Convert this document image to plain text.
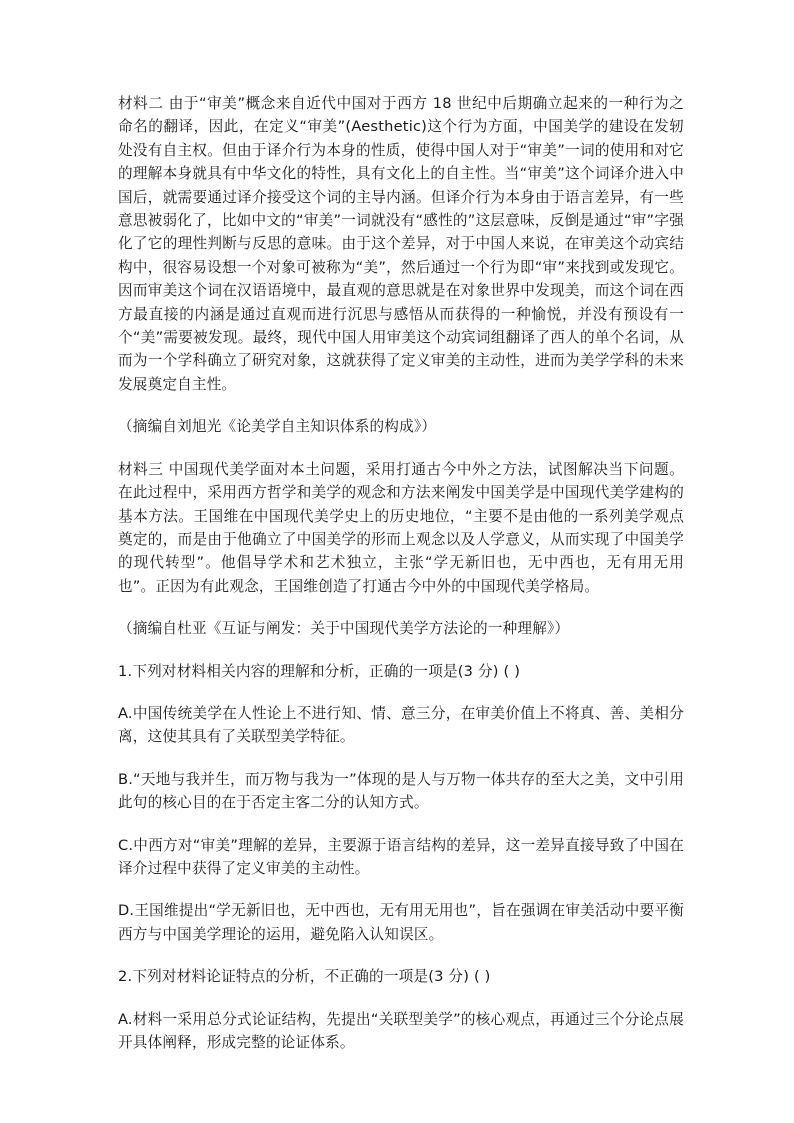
材料二 由于“审美”概念来自近代中国对于西方 18 世纪中后期确立起来的一种行为之命名的翻译，因此，在定义“审美”(Aesthetic)这个行为方面，中国美学的建设在发轫处没有自主权。但由于译介行为本身的性质，使得中国人对于“审美”一词的使用和对它的理解本身就具有中华文化的特性，具有文化上的自主性。当“审美”这个词译介进入中国后，就需要通过译介接受这个词的主导内涵。但译介行为本身由于语言差异，有一些意思被弱化了，比如中文的“审美”一词就没有“感性的”这层意味，反倒是通过“审”字强化了它的理性判断与反思的意味。由于这个差异，对于中国人来说，在审美这个动宾结构中，很容易设想一个对象可被称为“美”，然后通过一个行为即“审”来找到或发现它。因而审美这个词在汉语语境中，最直观的意思就是在对象世界中发现美，而这个词在西方最直接的内涵是通过直观而进行沉思与感悟从而获得的一种愉悦，并没有预设有一个“美”需要被发现。最终，现代中国人用审美这个动宾词组翻译了西人的单个名词，从而为一个学科确立了研究对象，这就获得了定义审美的主动性，进而为美学学科的未来发展奠定自主性。

（摘编自刘旭光《论美学自主知识体系的构成》）

材料三 中国现代美学面对本土问题，采用打通古今中外之方法，试图解决当下问题。在此过程中，采用西方哲学和美学的观念和方法来阐发中国美学是中国现代美学建构的基本方法。王国维在中国现代美学史上的历史地位，“主要不是由他的一系列美学观点奠定的，而是由于他确立了中国美学的形而上观念以及人学意义，从而实现了中国美学的现代转型”。他倡导学术和艺术独立，主张“学无新旧也，无中西也，无有用无用也”。正因为有此观念，王国维创造了打通古今中外的中国现代美学格局。

（摘编自杜亚《互证与阐发：关于中国现代美学方法论的一种理解》）

1.下列对材料相关内容的理解和分析，正确的一项是(3 分) ( )

A.中国传统美学在人性论上不进行知、情、意三分，在审美价值上不将真、善、美相分离，这使其具有了关联型美学特征。

B.“天地与我并生，而万物与我为一”体现的是人与万物一体共存的至大之美，文中引用此句的核心目的在于否定主客二分的认知方式。

C.中西方对“审美”理解的差异，主要源于语言结构的差异，这一差异直接导致了中国在译介过程中获得了定义审美的主动性。

D.王国维提出“学无新旧也，无中西也，无有用无用也”，旨在强调在审美活动中要平衡西方与中国美学理论的运用，避免陷入认知误区。

2.下列对材料论证特点的分析，不正确的一项是(3 分) ( )

A.材料一采用总分式论证结构，先提出“关联型美学”的核心观点，再通过三个分论点展开具体阐释，形成完整的论证体系。
